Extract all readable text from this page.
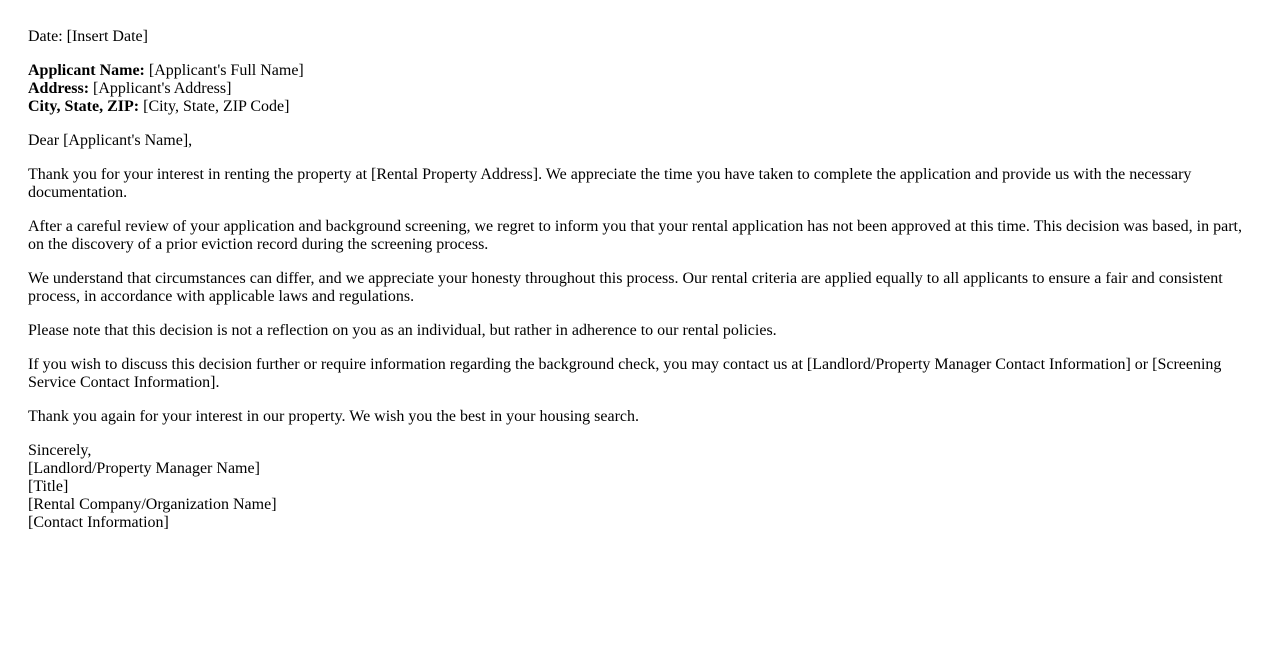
Date: [Insert Date]
Applicant Name: [Applicant's Full Name]
Address: [Applicant's Address]
City, State, ZIP: [City, State, ZIP Code]
Dear [Applicant's Name],
Thank you for your interest in renting the property at [Rental Property Address]. We appreciate the time you have taken to complete the application and provide us with the necessary documentation.
After a careful review of your application and background screening, we regret to inform you that your rental application has not been approved at this time. This decision was based, in part, on the discovery of a prior eviction record during the screening process.
We understand that circumstances can differ, and we appreciate your honesty throughout this process. Our rental criteria are applied equally to all applicants to ensure a fair and consistent process, in accordance with applicable laws and regulations.
Please note that this decision is not a reflection on you as an individual, but rather in adherence to our rental policies.
If you wish to discuss this decision further or require information regarding the background check, you may contact us at [Landlord/Property Manager Contact Information] or [Screening Service Contact Information].
Thank you again for your interest in our property. We wish you the best in your housing search.
Sincerely,
[Landlord/Property Manager Name]
[Title]
[Rental Company/Organization Name]
[Contact Information]
